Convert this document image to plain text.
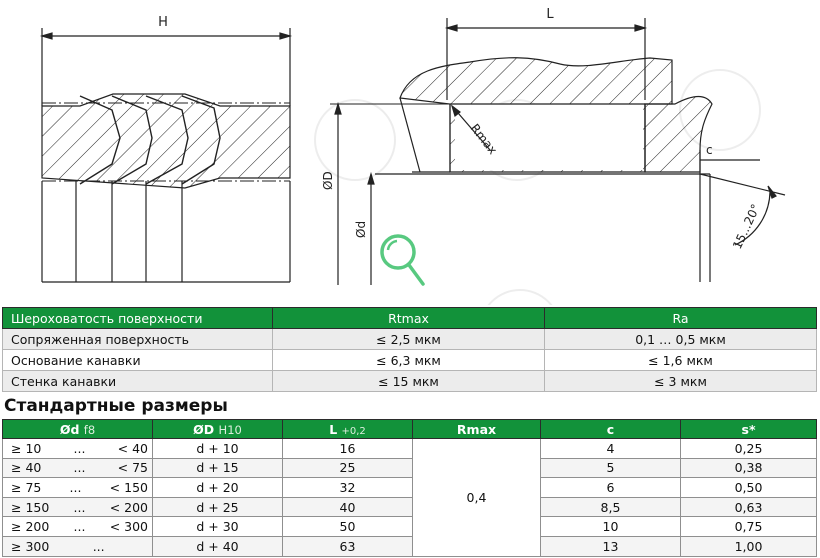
H
L
ØD
Ød
Rmax	c
15...20°
Шероховатость поверхности	Rtmax	Ra
Сопряженная поверхность	≤ 2,5 мкм	0,1 … 0,5 мкм
Основание канавки	≤ 6,3 мкм	≤ 1,6 мкм
Стенка канавки	≤ 15 мкм	≤ 3 мкм
Стандартные размеры
Ød f8	ØD H10	L +0,2	Rmax	c	s*

≥ 10 ... < 40	d + 10	16	0,4	4	0,25

≥ 40 ... < 75	d + 15	25		5	0,38

≥ 75 ... < 150	d + 20	32		6	0,50

≥ 150 ... < 200	d + 25	40		8,5	0,63

≥ 200 ... < 300	d + 30	50		10	0,75

≥ 300 ...	d + 40	63		13	1,00
